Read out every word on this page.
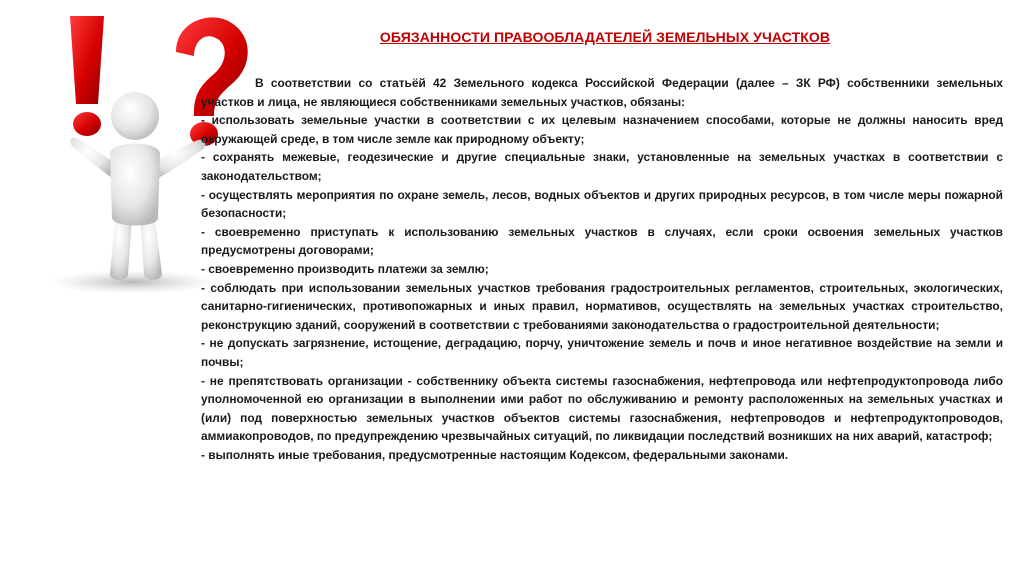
ОБЯЗАННОСТИ ПРАВООБЛАДАТЕЛЕЙ ЗЕМЕЛЬНЫХ УЧАСТКОВ

В соответствии со статьёй 42 Земельного кодекса Российской Федерации (далее – ЗК РФ) собственники земельных участков и лица, не являющиеся собственниками земельных участков, обязаны:

- использовать земельные участки в соответствии с их целевым назначением способами, которые не должны наносить вред окружающей среде, в том числе земле как природному объекту;

- сохранять межевые, геодезические и другие специальные знаки, установленные на земельных участках в соответствии с законодательством;

- осуществлять мероприятия по охране земель, лесов, водных объектов и других природных ресурсов, в том числе меры пожарной безопасности;

- своевременно приступать к использованию земельных участков в случаях, если сроки освоения земельных участков предусмотрены договорами;

- своевременно производить платежи за землю;

- соблюдать при использовании земельных участков требования градостроительных регламентов, строительных, экологических, санитарно-гигиенических, противопожарных и иных правил, нормативов, осуществлять на земельных участках строительство, реконструкцию зданий, сооружений в соответствии с требованиями законодательства о градостроительной деятельности;

- не допускать загрязнение, истощение, деградацию, порчу, уничтожение земель и почв и иное негативное воздействие на земли и почвы;

- не препятствовать организации - собственнику объекта системы газоснабжения, нефтепровода или нефтепродуктопровода либо уполномоченной ею организации в выполнении ими работ по обслуживанию и ремонту расположенных на земельных участках и (или) под поверхностью земельных участков объектов системы газоснабжения, нефтепроводов и нефтепродуктопроводов, аммиакопроводов, по предупреждению чрезвычайных ситуаций, по ликвидации последствий возникших на них аварий, катастроф;

- выполнять иные требования, предусмотренные настоящим Кодексом, федеральными законами.
